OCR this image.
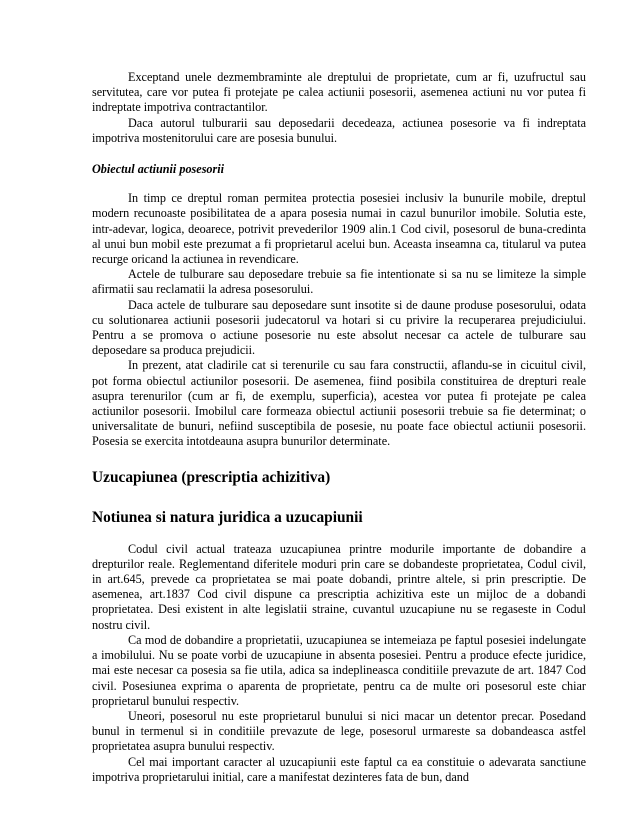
Exceptand unele dezmembraminte ale dreptului de proprietate, cum ar fi, uzufructul sau servitutea, care vor putea fi protejate pe calea actiunii posesorii, asemenea actiuni nu vor putea fi indreptate impotriva contractantilor.

Daca autorul tulburarii sau deposedarii decedeaza, actiunea posesorie va fi indreptata impotriva mostenitorului care are posesia bunului.

Obiectul actiunii posesorii

In timp ce dreptul roman permitea protectia posesiei inclusiv la bunurile mobile, dreptul modern recunoaste posibilitatea de a apara posesia numai in cazul bunurilor imobile. Solutia este, intr-adevar, logica, deoarece, potrivit prevederilor 1909 alin.1 Cod civil, posesorul de buna-credinta al unui bun mobil este prezumat a fi proprietarul acelui bun. Aceasta inseamna ca, titularul va putea recurge oricand la actiunea in revendicare.

Actele de tulburare sau deposedare trebuie sa fie intentionate si sa nu se limiteze la simple afirmatii sau reclamatii la adresa posesorului.

Daca actele de tulburare sau deposedare sunt insotite si de daune produse posesorului, odata cu solutionarea actiunii posesorii judecatorul va hotari si cu privire la recuperarea prejudiciului. Pentru a se promova o actiune posesorie nu este absolut necesar ca actele de tulburare sau deposedare sa produca prejudicii.

In prezent, atat cladirile cat si terenurile cu sau fara constructii, aflandu-se in cicuitul civil, pot forma obiectul actiunilor posesorii. De asemenea, fiind posibila constituirea de drepturi reale asupra terenurilor (cum ar fi, de exemplu, superficia), acestea vor putea fi protejate pe calea actiunilor posesorii. Imobilul care formeaza obiectul actiunii posesorii trebuie sa fie determinat; o universalitate de bunuri, nefiind susceptibila de posesie, nu poate face obiectul actiunii posesorii. Posesia se exercita intotdeauna asupra bunurilor determinate.

Uzucapiunea (prescriptia achizitiva)
Notiunea si natura juridica a uzucapiunii

Codul civil actual trateaza uzucapiunea printre modurile importante de dobandire a drepturilor reale. Reglementand diferitele moduri prin care se dobandeste proprietatea, Codul civil, in art.645, prevede ca proprietatea se mai poate dobandi, printre altele, si prin prescriptie. De asemenea, art.1837 Cod civil dispune ca prescriptia achizitiva este un mijloc de a dobandi proprietatea. Desi existent in alte legislatii straine, cuvantul uzucapiune nu se regaseste in Codul nostru civil.

Ca mod de dobandire a proprietatii, uzucapiunea se intemeiaza pe faptul posesiei indelungate a imobilului. Nu se poate vorbi de uzucapiune in absenta posesiei. Pentru a produce efecte juridice, mai este necesar ca posesia sa fie utila, adica sa indeplineasca conditiile prevazute de art. 1847 Cod civil. Posesiunea exprima o aparenta de proprietate, pentru ca de multe ori posesorul este chiar proprietarul bunului respectiv.

Uneori, posesorul nu este proprietarul bunului si nici macar un detentor precar. Posedand bunul in termenul si in conditiile prevazute de lege, posesorul urmareste sa dobandeasca astfel proprietatea asupra bunului respectiv.

Cel mai important caracter al uzucapiunii este faptul ca ea constituie o adevarata sanctiune impotriva proprietarului initial, care a manifestat dezinteres fata de bun, dand
